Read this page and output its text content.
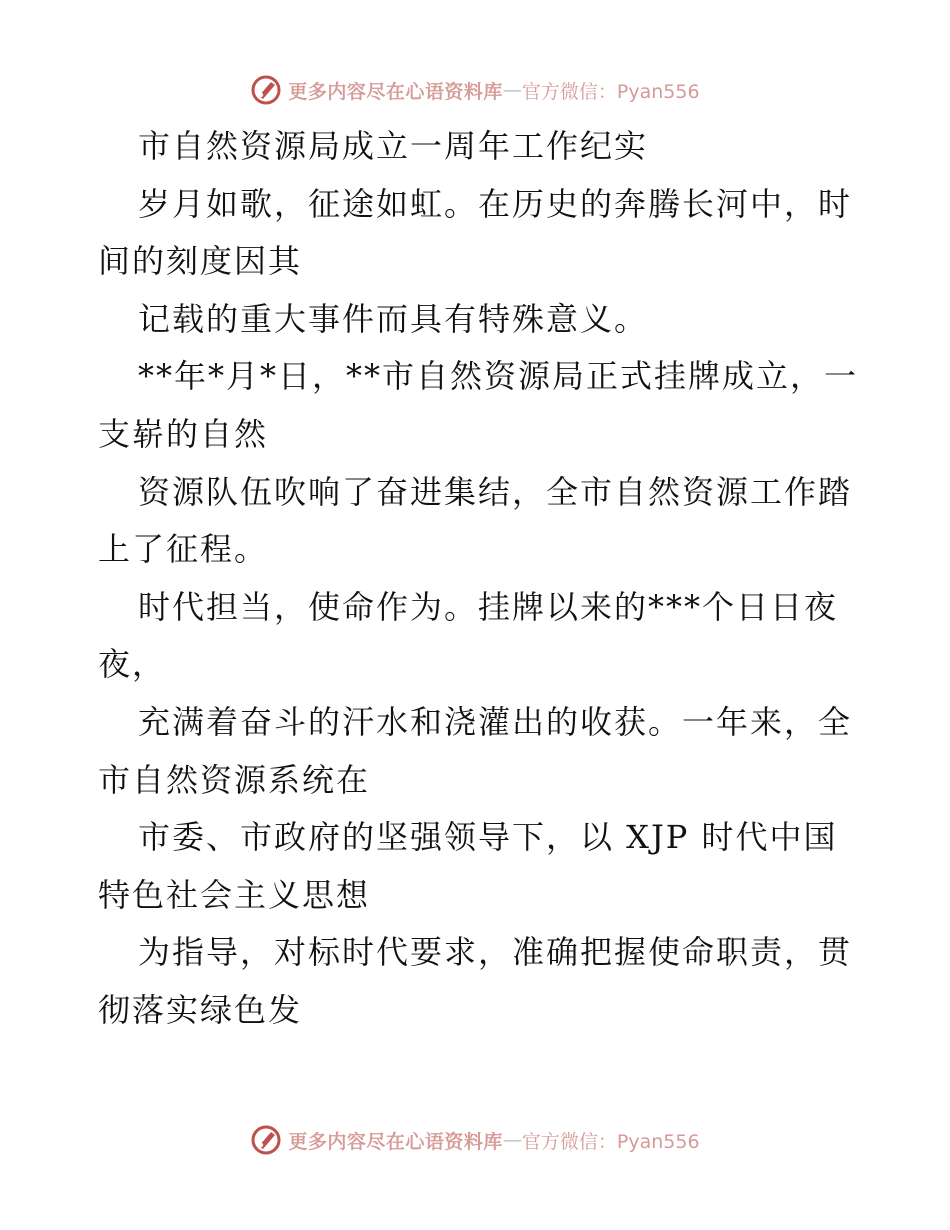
更多内容尽在心语资料库 — 官方微信：Pyan556

市自然资源局成立一周年工作纪实

岁月如歌，征途如虹。在历史的奔腾长河中，时间的刻度因其

记载的重大事件而具有特殊意义。

**年*月*日，**市自然资源局正式挂牌成立，一支崭的自然

资源队伍吹响了奋进集结，全市自然资源工作踏上了征程。

时代担当，使命作为。挂牌以来的***个日日夜夜，

充满着奋斗的汗水和浇灌出的收获。一年来，全市自然资源系统在

市委、市政府的坚强领导下，以 XJP 时代中国特色社会主义思想

为指导，对标时代要求，准确把握使命职责，贯彻落实绿色发

更多内容尽在心语资料库 — 官方微信：Pyan556
